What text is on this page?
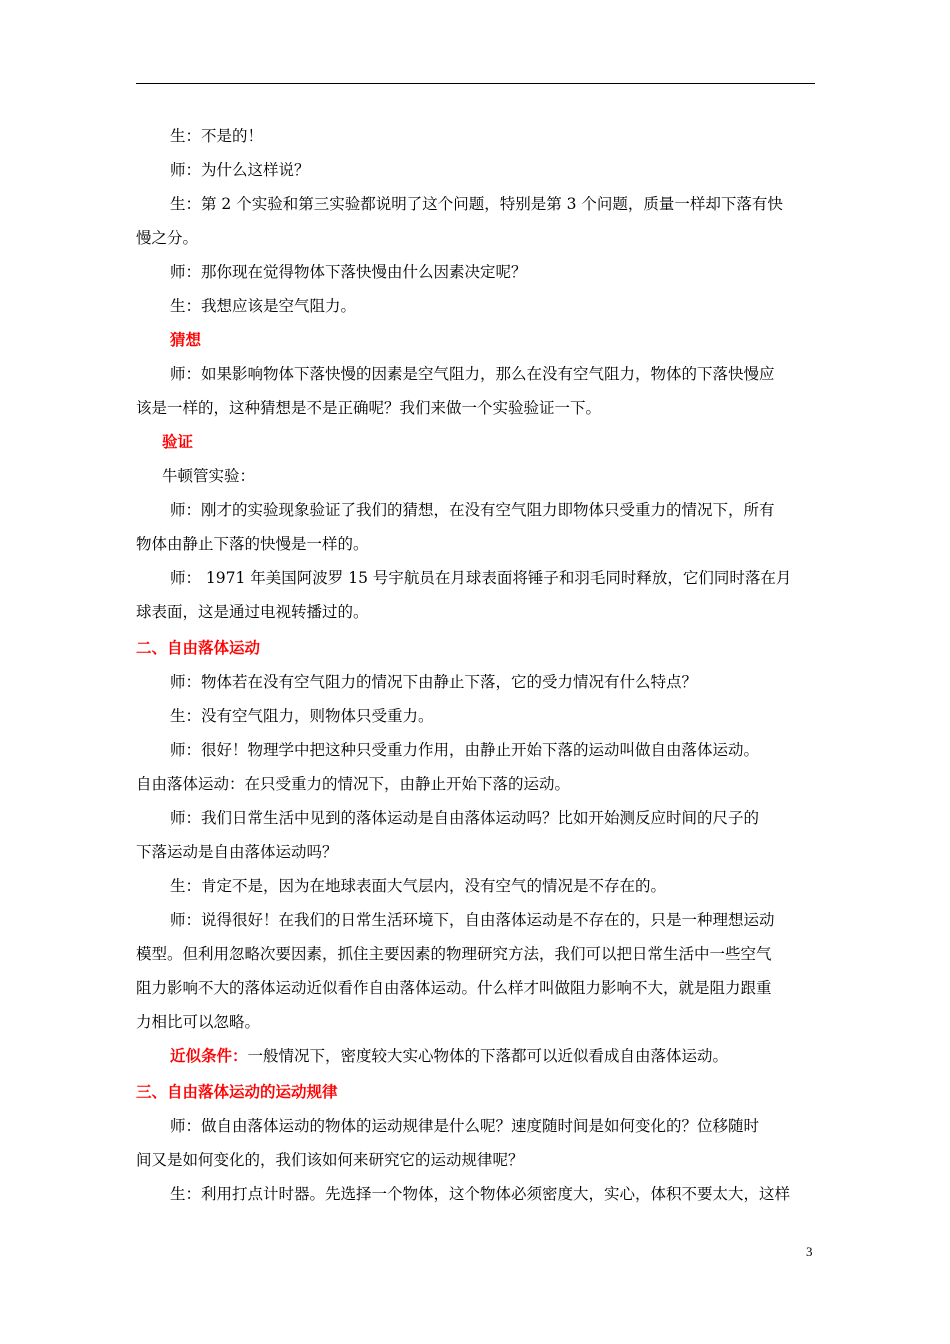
生：不是的！
师：为什么这样说？
生：第 2 个实验和第三实验都说明了这个问题，特别是第 3 个问题，质量一样却下落有快
慢之分。
师：那你现在觉得物体下落快慢由什么因素决定呢？
生：我想应该是空气阻力。
猜想
师：如果影响物体下落快慢的因素是空气阻力，那么在没有空气阻力，物体的下落快慢应
该是一样的，这种猜想是不是正确呢？我们来做一个实验验证一下。
验证
牛顿管实验：
师：刚才的实验现象验证了我们的猜想，在没有空气阻力即物体只受重力的情况下，所有
物体由静止下落的快慢是一样的。
师： 1971 年美国阿波罗 15 号宇航员在月球表面将锤子和羽毛同时释放，它们同时落在月
球表面，这是通过电视转播过的。
二、自由落体运动
师：物体若在没有空气阻力的情况下由静止下落，它的受力情况有什么特点？
生：没有空气阻力，则物体只受重力。
师：很好！物理学中把这种只受重力作用，由静止开始下落的运动叫做自由落体运动。
自由落体运动：在只受重力的情况下，由静止开始下落的运动。
师：我们日常生活中见到的落体运动是自由落体运动吗？比如开始测反应时间的尺子的
下落运动是自由落体运动吗？
生：肯定不是，因为在地球表面大气层内，没有空气的情况是不存在的。
师：说得很好！在我们的日常生活环境下，自由落体运动是不存在的，只是一种理想运动
模型。但利用忽略次要因素，抓住主要因素的物理研究方法，我们可以把日常生活中一些空气
阻力影响不大的落体运动近似看作自由落体运动。什么样才叫做阻力影响不大，就是阻力跟重
力相比可以忽略。
近似条件：一般情况下，密度较大实心物体的下落都可以近似看成自由落体运动。
三、自由落体运动的运动规律
师：做自由落体运动的物体的运动规律是什么呢？速度随时间是如何变化的？位移随时
间又是如何变化的，我们该如何来研究它的运动规律呢？
生：利用打点计时器。先选择一个物体，这个物体必须密度大，实心，体积不要太大，这样
3
